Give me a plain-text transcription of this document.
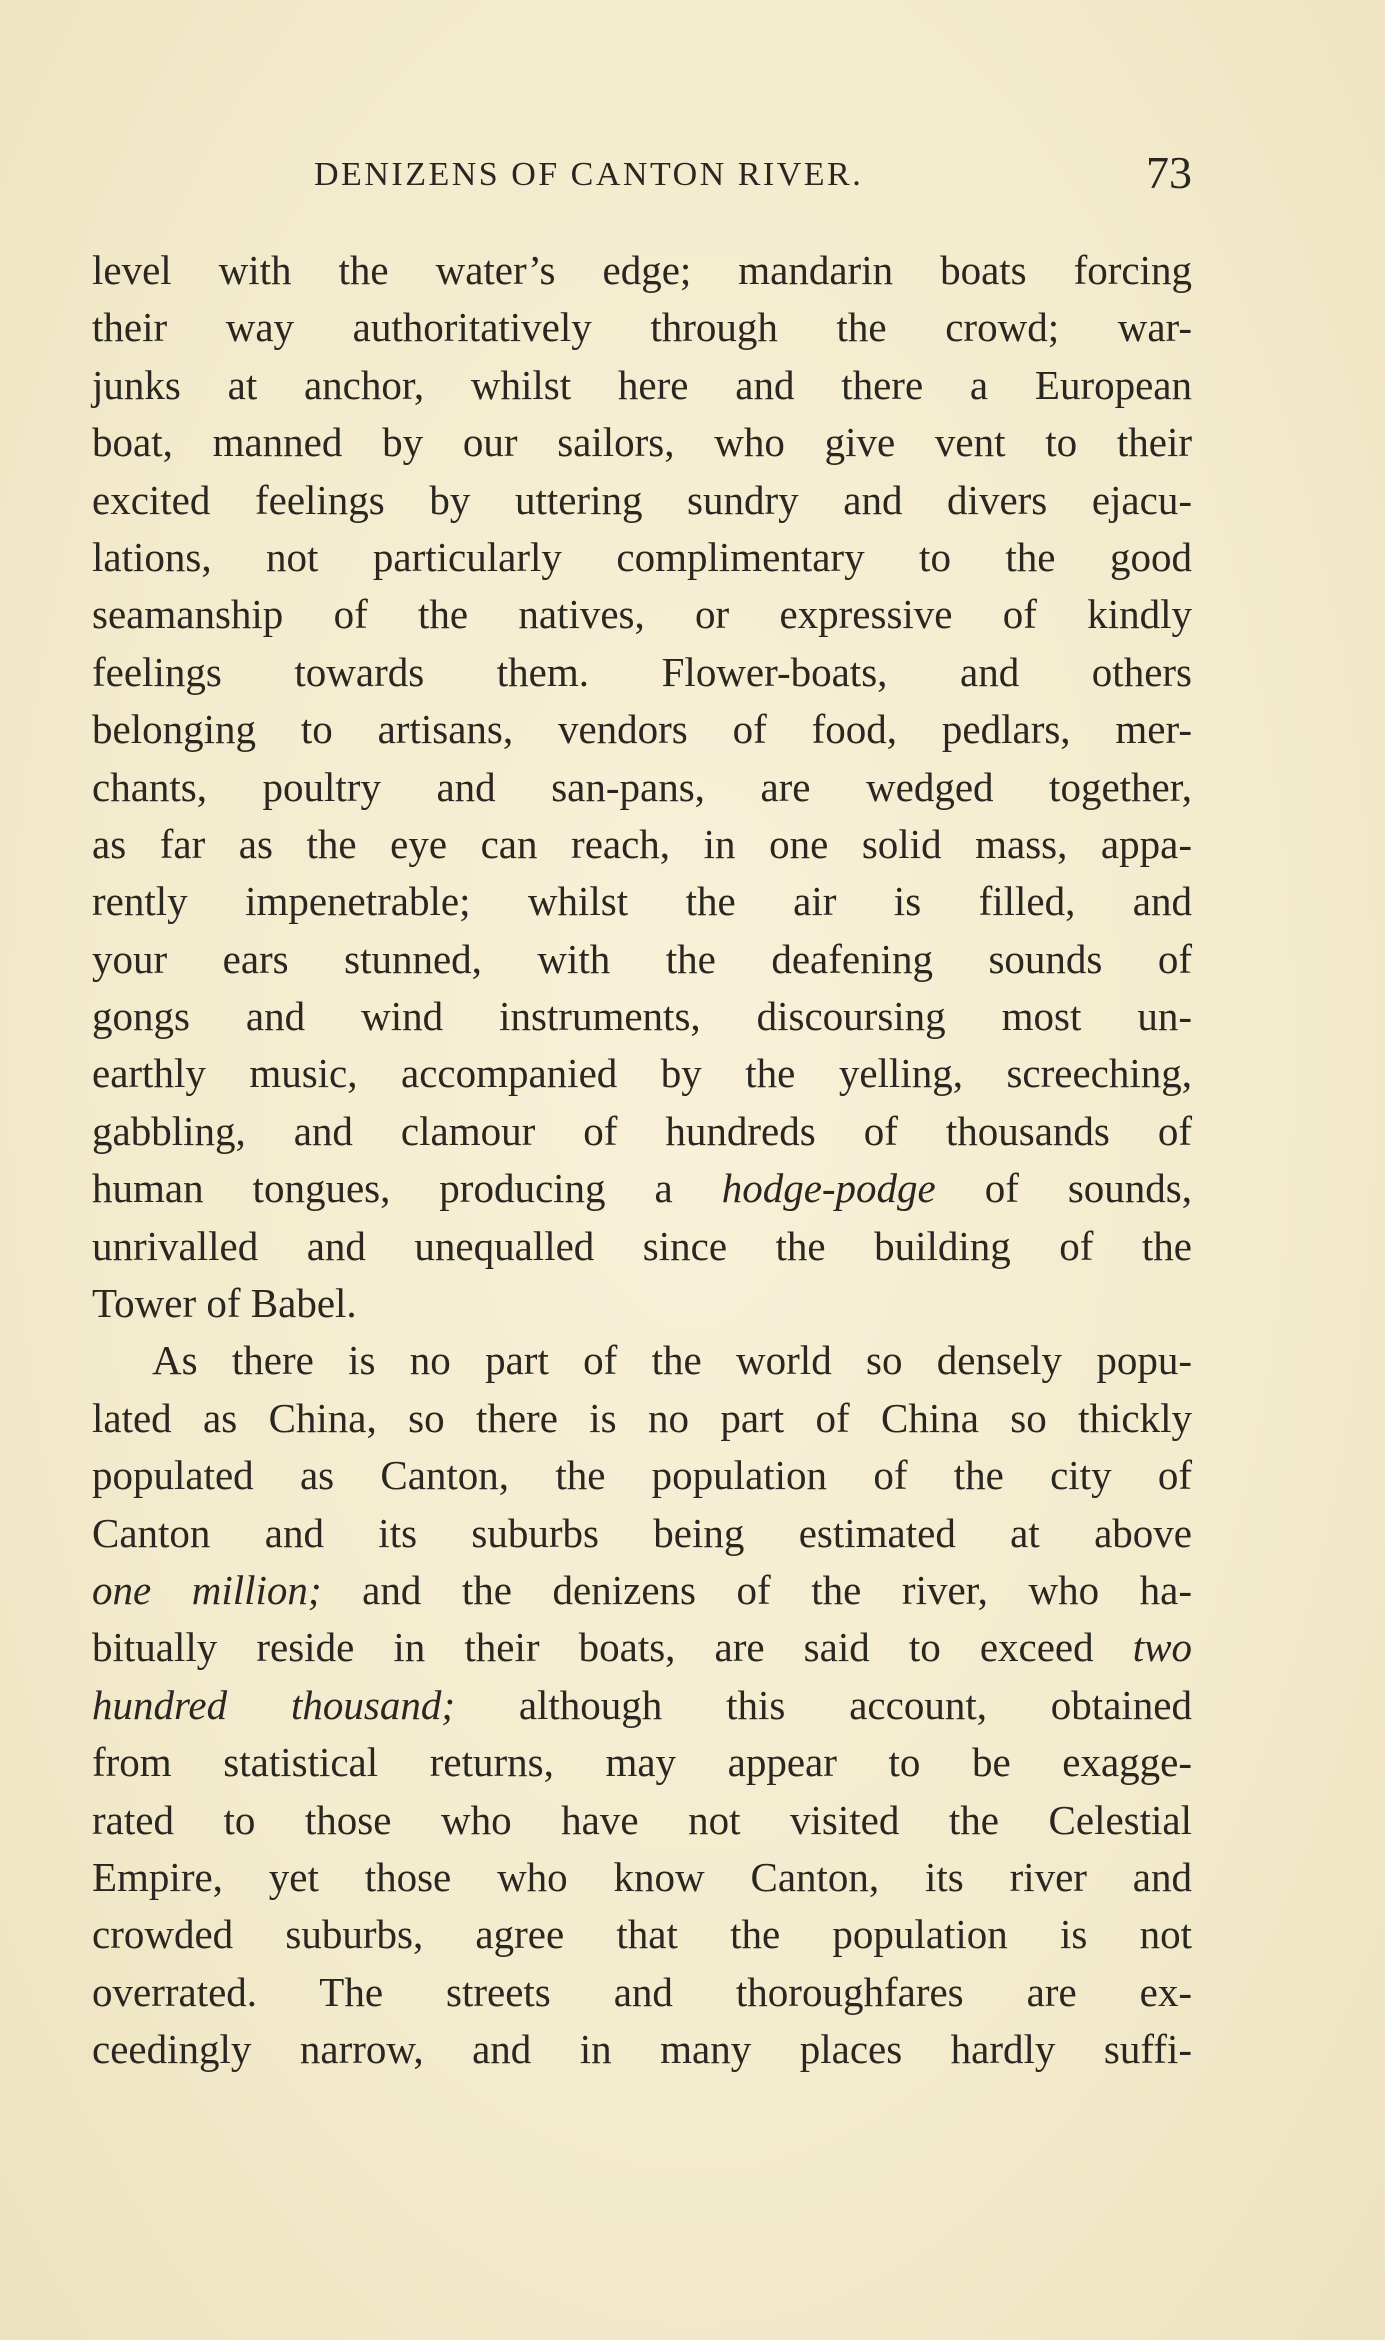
DENIZENS OF CANTON RIVER.	73
level with the water’s edge; mandarin boats forcing
their way authoritatively through the crowd; war-
junks at anchor, whilst here and there a European
boat, manned by our sailors, who give vent to their
excited feelings by uttering sundry and divers ejacu-
lations, not particularly complimentary to the good
seamanship of the natives, or expressive of kindly
feelings towards them. Flower-boats, and others
belonging to artisans, vendors of food, pedlars, mer-
chants, poultry and san-pans, are wedged together,
as far as the eye can reach, in one solid mass, appa-
rently impenetrable; whilst the air is filled, and
your ears stunned, with the deafening sounds of
gongs and wind instruments, discoursing most un-
earthly music, accompanied by the yelling, screeching,
gabbling, and clamour of hundreds of thousands of
human tongues, producing a hodge-podge of sounds,
unrivalled and unequalled since the building of the
Tower of Babel.
As there is no part of the world so densely popu-
lated as China, so there is no part of China so thickly
populated as Canton, the population of the city of
Canton and its suburbs being estimated at above
one million; and the denizens of the river, who ha-
bitually reside in their boats, are said to exceed two
hundred thousand; although this account, obtained
from statistical returns, may appear to be exagge-
rated to those who have not visited the Celestial
Empire, yet those who know Canton, its river and
crowded suburbs, agree that the population is not
overrated. The streets and thoroughfares are ex-
ceedingly narrow, and in many places hardly suffi-
